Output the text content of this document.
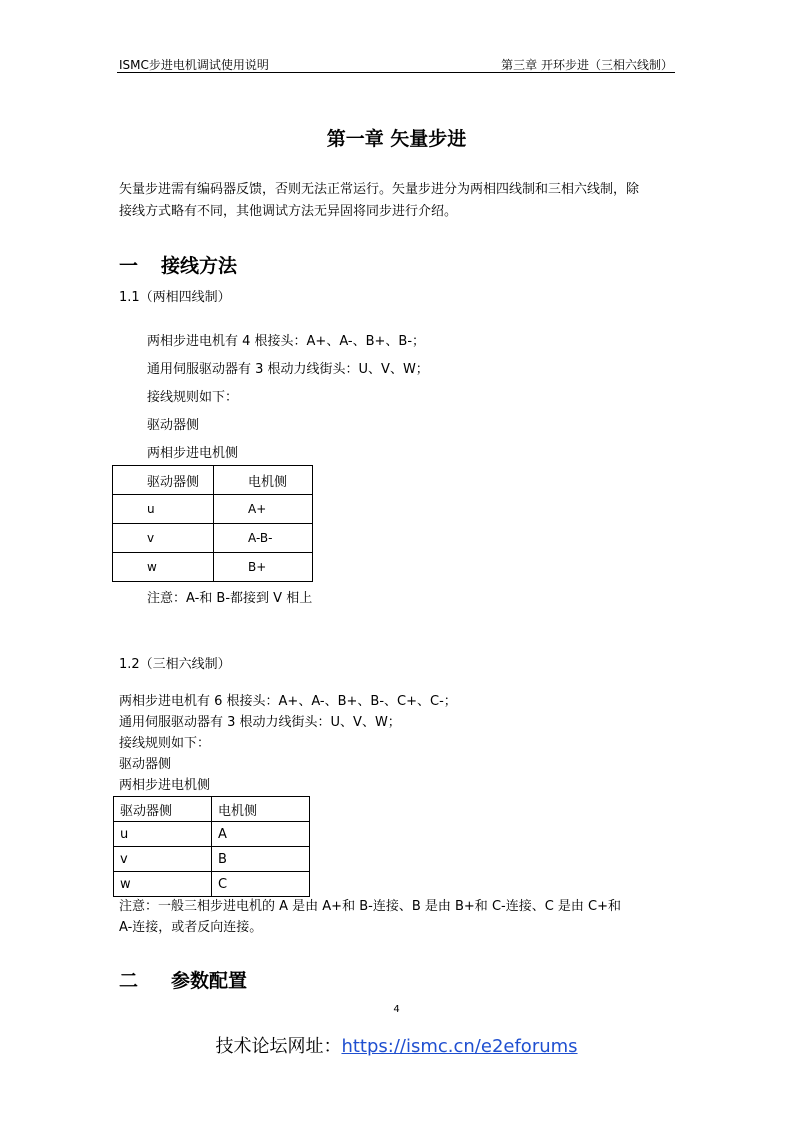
ISMC步进电机调试使用说明	第三章 开环步进（三相六线制）
第一章 矢量步进
矢量步进需有编码器反馈，否则无法正常运行。矢量步进分为两相四线制和三相六线制，除
接线方式略有不同，其他调试方法无异固将同步进行介绍。
一 接线方法
1.1（两相四线制）
两相步进电机有 4 根接头：A+、A-、B+、B-；
通用伺服驱动器有 3 根动力线街头：U、V、W；
接线规则如下：
驱动器侧
两相步进电机侧
驱动器侧	电机侧
u	A+
v	A-B-
w	B+
注意：A-和 B-都接到 V 相上
1.2（三相六线制）
两相步进电机有 6 根接头：A+、A-、B+、B-、C+、C-；
通用伺服驱动器有 3 根动力线街头：U、V、W；
接线规则如下：
驱动器侧
两相步进电机侧
驱动器侧	电机侧
u	A
v	B
w	C
注意：一般三相步进电机的 A 是由 A+和 B-连接、B 是由 B+和 C-连接、C 是由 C+和
A-连接，或者反向连接。
二 参数配置
4
技术论坛网址：https://ismc.cn/e2eforums
